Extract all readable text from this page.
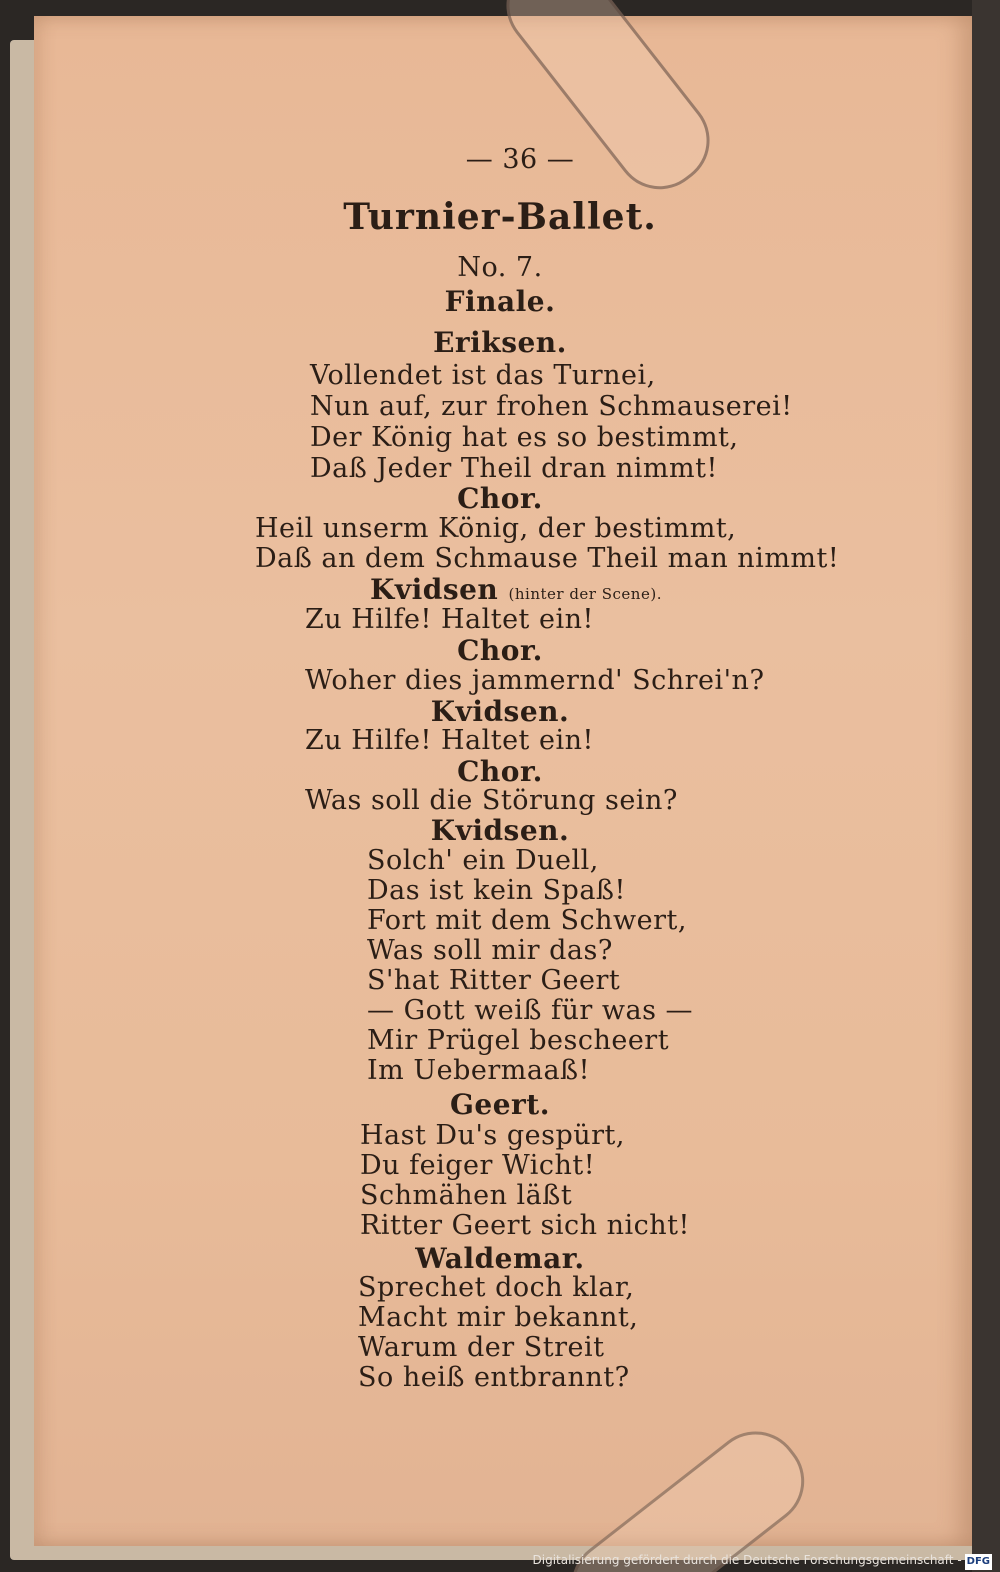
— 36 —
Turnier-Ballet.
No. 7.
Finale.
Eriksen.
Vollendet ist das Turnei,
Nun auf, zur frohen Schmauserei!
Der König hat es so bestimmt,
Daß Jeder Theil dran nimmt!
Chor.
Heil unserm König, der bestimmt,
Daß an dem Schmause Theil man nimmt!
Kvidsen (hinter der Scene).
Zu Hilfe! Haltet ein!
Chor.
Woher dies jammernd' Schrei'n?
Kvidsen.
Zu Hilfe! Haltet ein!
Chor.
Was soll die Störung sein?
Kvidsen.
Solch' ein Duell,
Das ist kein Spaß!
Fort mit dem Schwert,
Was soll mir das?
S'hat Ritter Geert
— Gott weiß für was —
Mir Prügel bescheert
Im Uebermaaß!
Geert.
Hast Du's gespürt,
Du feiger Wicht!
Schmähen läßt
Ritter Geert sich nicht!
Waldemar.
Sprechet doch klar,
Macht mir bekannt,
Warum der Streit
So heiß entbrannt?
Digitalisierung gefördert durch die Deutsche Forschungsgemeinschaft - DFG
